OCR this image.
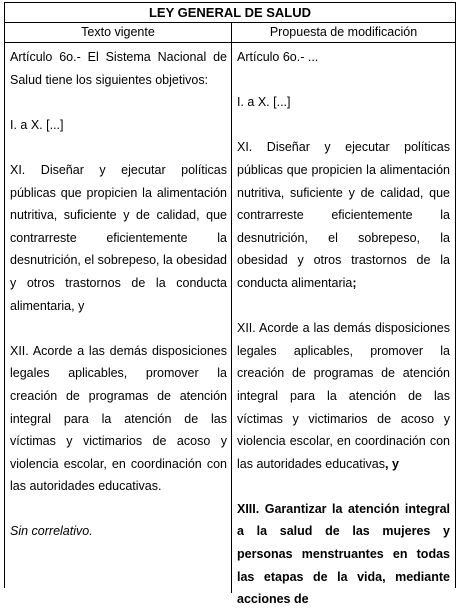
LEY GENERAL DE SALUD
Texto vigente	Propuesta de modificación

Artículo 6o.- El Sistema Nacional de Salud tiene los siguientes objetivos:

I. a X. [...]

XI. Diseñar y ejecutar políticas públicas que propicien la alimentación nutritiva, suficiente y de calidad, que contrarreste eficientemente la desnutrición, el sobrepeso, la obesidad y otros trastornos de la conducta alimentaria, y

XII. Acorde a las demás disposiciones legales aplicables, promover la creación de programas de atención integral para la atención de las víctimas y victimarios de acoso y violencia escolar, en coordinación con las autoridades educativas.

Sin correlativo.

Artículo 6o.- ...

I. a X. [...]

XI. Diseñar y ejecutar políticas públicas que propicien la alimentación nutritiva, suficiente y de calidad, que contrarreste eficientemente la desnutrición, el sobrepeso, la obesidad y otros trastornos de la conducta alimentaria;

XII. Acorde a las demás disposiciones legales aplicables, promover la creación de programas de atención integral para la atención de las víctimas y victimarios de acoso y violencia escolar, en coordinación con las autoridades educativas, y

XIII. Garantizar la atención integral a la salud de las mujeres y personas menstruantes en todas las etapas de la vida, mediante acciones de
